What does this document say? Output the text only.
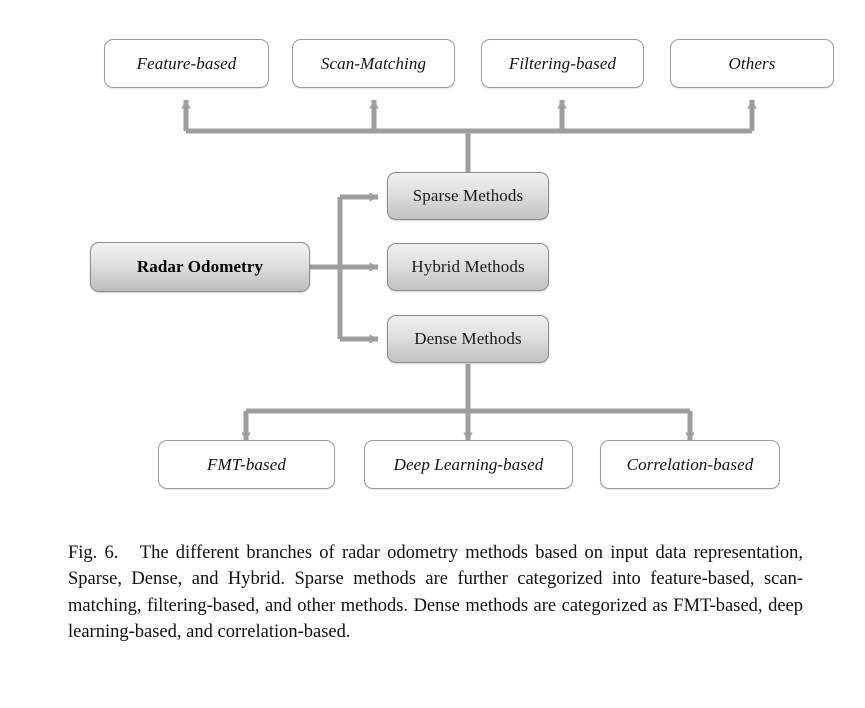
Feature-based	Scan-Matching	Filtering-based	Others
Sparse Methods
Hybrid Methods
Dense Methods
Radar Odometry
FMT-based	Deep Learning-based	Correlation-based
Fig. 6. The different branches of radar odometry methods based on input data representation, Sparse, Dense, and Hybrid. Sparse methods are further categorized into feature-based, scan-matching, filtering-based, and other methods. Dense methods are categorized as FMT-based, deep learning-based, and correlation-based.
